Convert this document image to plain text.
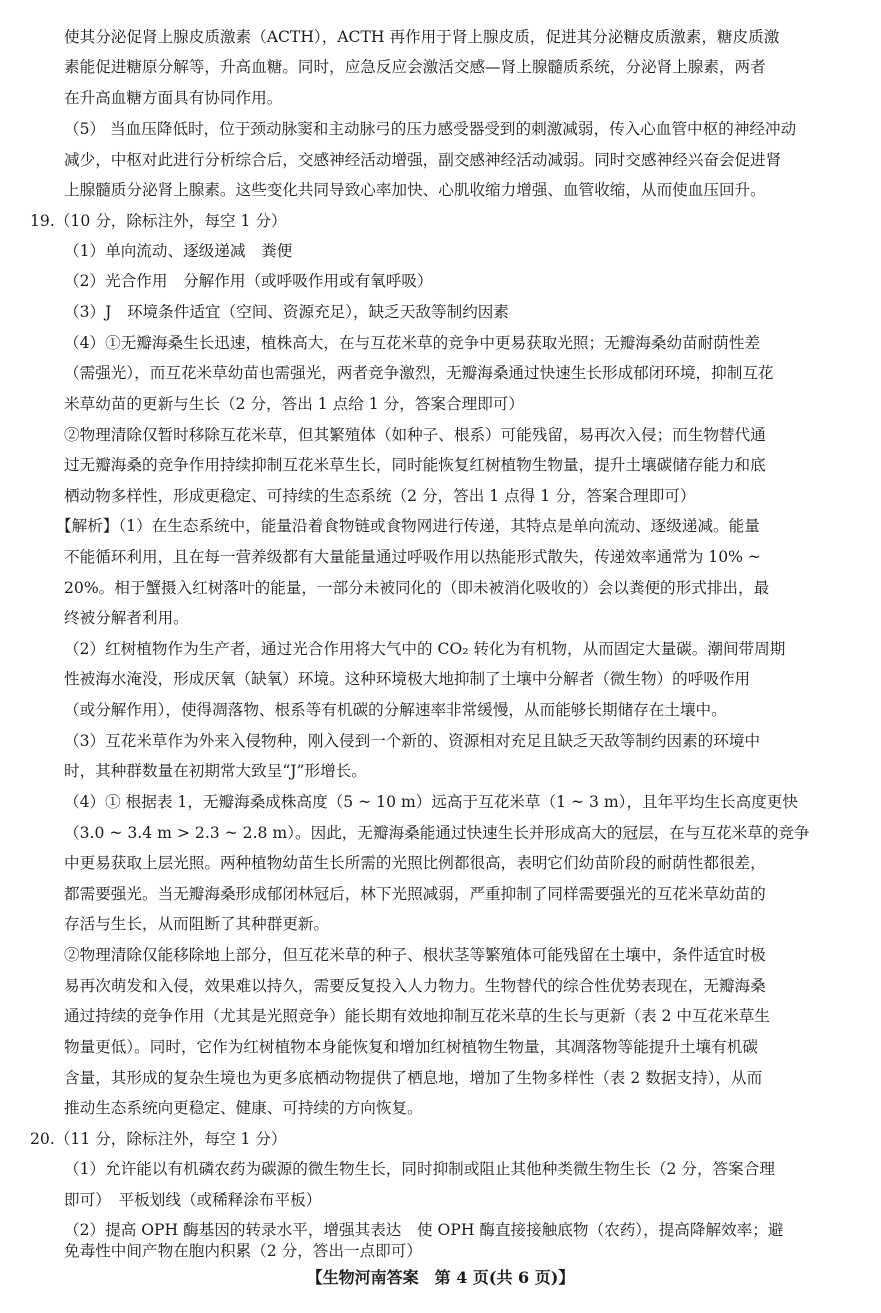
使其分泌促肾上腺皮质激素（ACTH），ACTH 再作用于肾上腺皮质，促进其分泌糖皮质激素，糖皮质激
素能促进糖原分解等，升高血糖。同时，应急反应会激活交感—肾上腺髓质系统，分泌肾上腺素，两者
在升高血糖方面具有协同作用。
（5） 当血压降低时，位于颈动脉窦和主动脉弓的压力感受器受到的刺激减弱，传入心血管中枢的神经冲动
减少，中枢对此进行分析综合后，交感神经活动增强，副交感神经活动减弱。同时交感神经兴奋会促进肾
上腺髓质分泌肾上腺素。这些变化共同导致心率加快、心肌收缩力增强、血管收缩，从而使血压回升。
19.（10 分，除标注外，每空 1 分）
（1）单向流动、逐级递减　粪便
（2）光合作用　分解作用（或呼吸作用或有氧呼吸）
（3）J　环境条件适宜（空间、资源充足），缺乏天敌等制约因素
（4）①无瓣海桑生长迅速，植株高大，在与互花米草的竞争中更易获取光照；无瓣海桑幼苗耐荫性差
（需强光），而互花米草幼苗也需强光，两者竞争激烈，无瓣海桑通过快速生长形成郁闭环境，抑制互花
米草幼苗的更新与生长（2 分，答出 1 点给 1 分，答案合理即可）
②物理清除仅暂时移除互花米草，但其繁殖体（如种子、根系）可能残留，易再次入侵；而生物替代通
过无瓣海桑的竞争作用持续抑制互花米草生长，同时能恢复红树植物生物量，提升土壤碳储存能力和底
栖动物多样性，形成更稳定、可持续的生态系统（2 分，答出 1 点得 1 分，答案合理即可）
【解析】（1）在生态系统中，能量沿着食物链或食物网进行传递，其特点是单向流动、逐级递减。能量
不能循环利用，且在每一营养级都有大量能量通过呼吸作用以热能形式散失，传递效率通常为 10% ~
20%。相于蟹摄入红树落叶的能量，一部分未被同化的（即未被消化吸收的）会以粪便的形式排出，最
终被分解者利用。
（2）红树植物作为生产者，通过光合作用将大气中的 CO₂ 转化为有机物，从而固定大量碳。潮间带周期
性被海水淹没，形成厌氧（缺氧）环境。这种环境极大地抑制了土壤中分解者（微生物）的呼吸作用
（或分解作用），使得凋落物、根系等有机碳的分解速率非常缓慢，从而能够长期储存在土壤中。
（3）互花米草作为外来入侵物种，刚入侵到一个新的、资源相对充足且缺乏天敌等制约因素的环境中
时，其种群数量在初期常大致呈“J”形增长。
（4）① 根据表 1，无瓣海桑成株高度（5 ~ 10 m）远高于互花米草（1 ~ 3 m），且年平均生长高度更快
（3.0 ~ 3.4 m > 2.3 ~ 2.8 m）。因此，无瓣海桑能通过快速生长并形成高大的冠层，在与互花米草的竞争
中更易获取上层光照。两种植物幼苗生长所需的光照比例都很高，表明它们幼苗阶段的耐荫性都很差，
都需要强光。当无瓣海桑形成郁闭林冠后，林下光照减弱，严重抑制了同样需要强光的互花米草幼苗的
存活与生长，从而阻断了其种群更新。
②物理清除仅能移除地上部分，但互花米草的种子、根状茎等繁殖体可能残留在土壤中，条件适宜时极
易再次萌发和入侵，效果难以持久，需要反复投入人力物力。生物替代的综合性优势表现在，无瓣海桑
通过持续的竞争作用（尤其是光照竞争）能长期有效地抑制互花米草的生长与更新（表 2 中互花米草生
物量更低）。同时，它作为红树植物本身能恢复和增加红树植物生物量，其凋落物等能提升土壤有机碳
含量，其形成的复杂生境也为更多底栖动物提供了栖息地，增加了生物多样性（表 2 数据支持），从而
推动生态系统向更稳定、健康、可持续的方向恢复。
20.（11 分，除标注外，每空 1 分）
（1）允许能以有机磷农药为碳源的微生物生长，同时抑制或阻止其他种类微生物生长（2 分，答案合理
即可）　平板划线（或稀释涂布平板）
（2）提高 OPH 酶基因的转录水平，增强其表达　使 OPH 酶直接接触底物（农药），提高降解效率；避
免毒性中间产物在胞内积累（2 分，答出一点即可）
【生物河南答案　第 4 页(共 6 页)】
